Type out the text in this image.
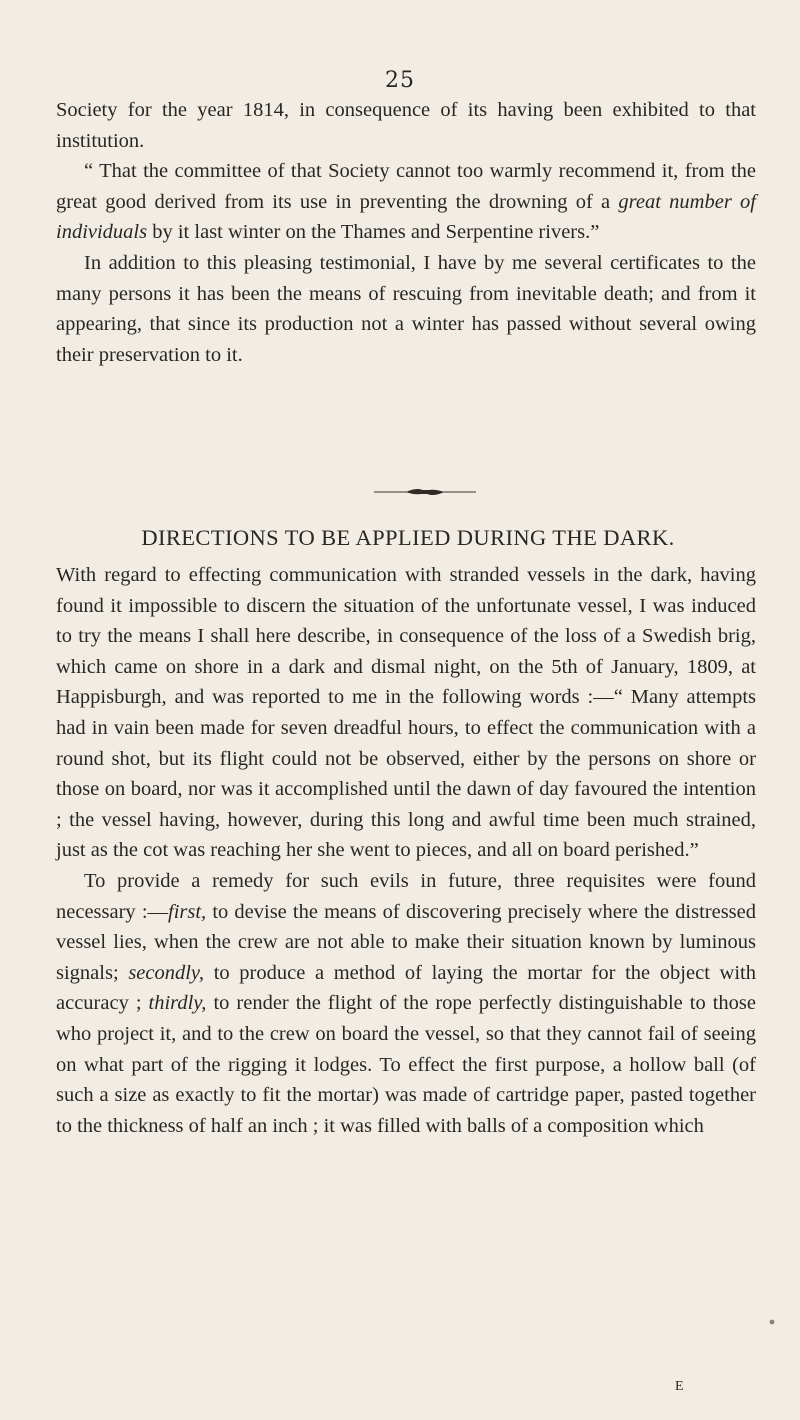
25

Society for the year 1814, in consequence of its having been exhibited to that institution.

“ That the committee of that Society cannot too warmly recommend it, from the great good derived from its use in preventing the drowning of a great number of individuals by it last winter on the Thames and Serpentine rivers.”

In addition to this pleasing testimonial, I have by me several certificates to the many persons it has been the means of rescuing from inevitable death; and from it appearing, that since its production not a winter has passed without several owing their preservation to it.

DIRECTIONS TO BE APPLIED DURING THE DARK.

With regard to effecting communication with stranded vessels in the dark, having found it impossible to discern the situation of the unfortunate vessel, I was induced to try the means I shall here describe, in consequence of the loss of a Swedish brig, which came on shore in a dark and dismal night, on the 5th of January, 1809, at Happisburgh, and was reported to me in the following words :—“ Many attempts had in vain been made for seven dreadful hours, to effect the communication with a round shot, but its flight could not be observed, either by the persons on shore or those on board, nor was it accomplished until the dawn of day favoured the intention ; the vessel having, however, during this long and awful time been much strained, just as the cot was reaching her she went to pieces, and all on board perished.”

To provide a remedy for such evils in future, three requisites were found necessary :—first, to devise the means of discovering precisely where the distressed vessel lies, when the crew are not able to make their situation known by luminous signals; secondly, to produce a method of laying the mortar for the object with accuracy ; thirdly, to render the flight of the rope perfectly distinguishable to those who project it, and to the crew on board the vessel, so that they cannot fail of seeing on what part of the rigging it lodges. To effect the first purpose, a hollow ball (of such a size as exactly to fit the mortar) was made of cartridge paper, pasted together to the thickness of half an inch ; it was filled with balls of a composition which

E
